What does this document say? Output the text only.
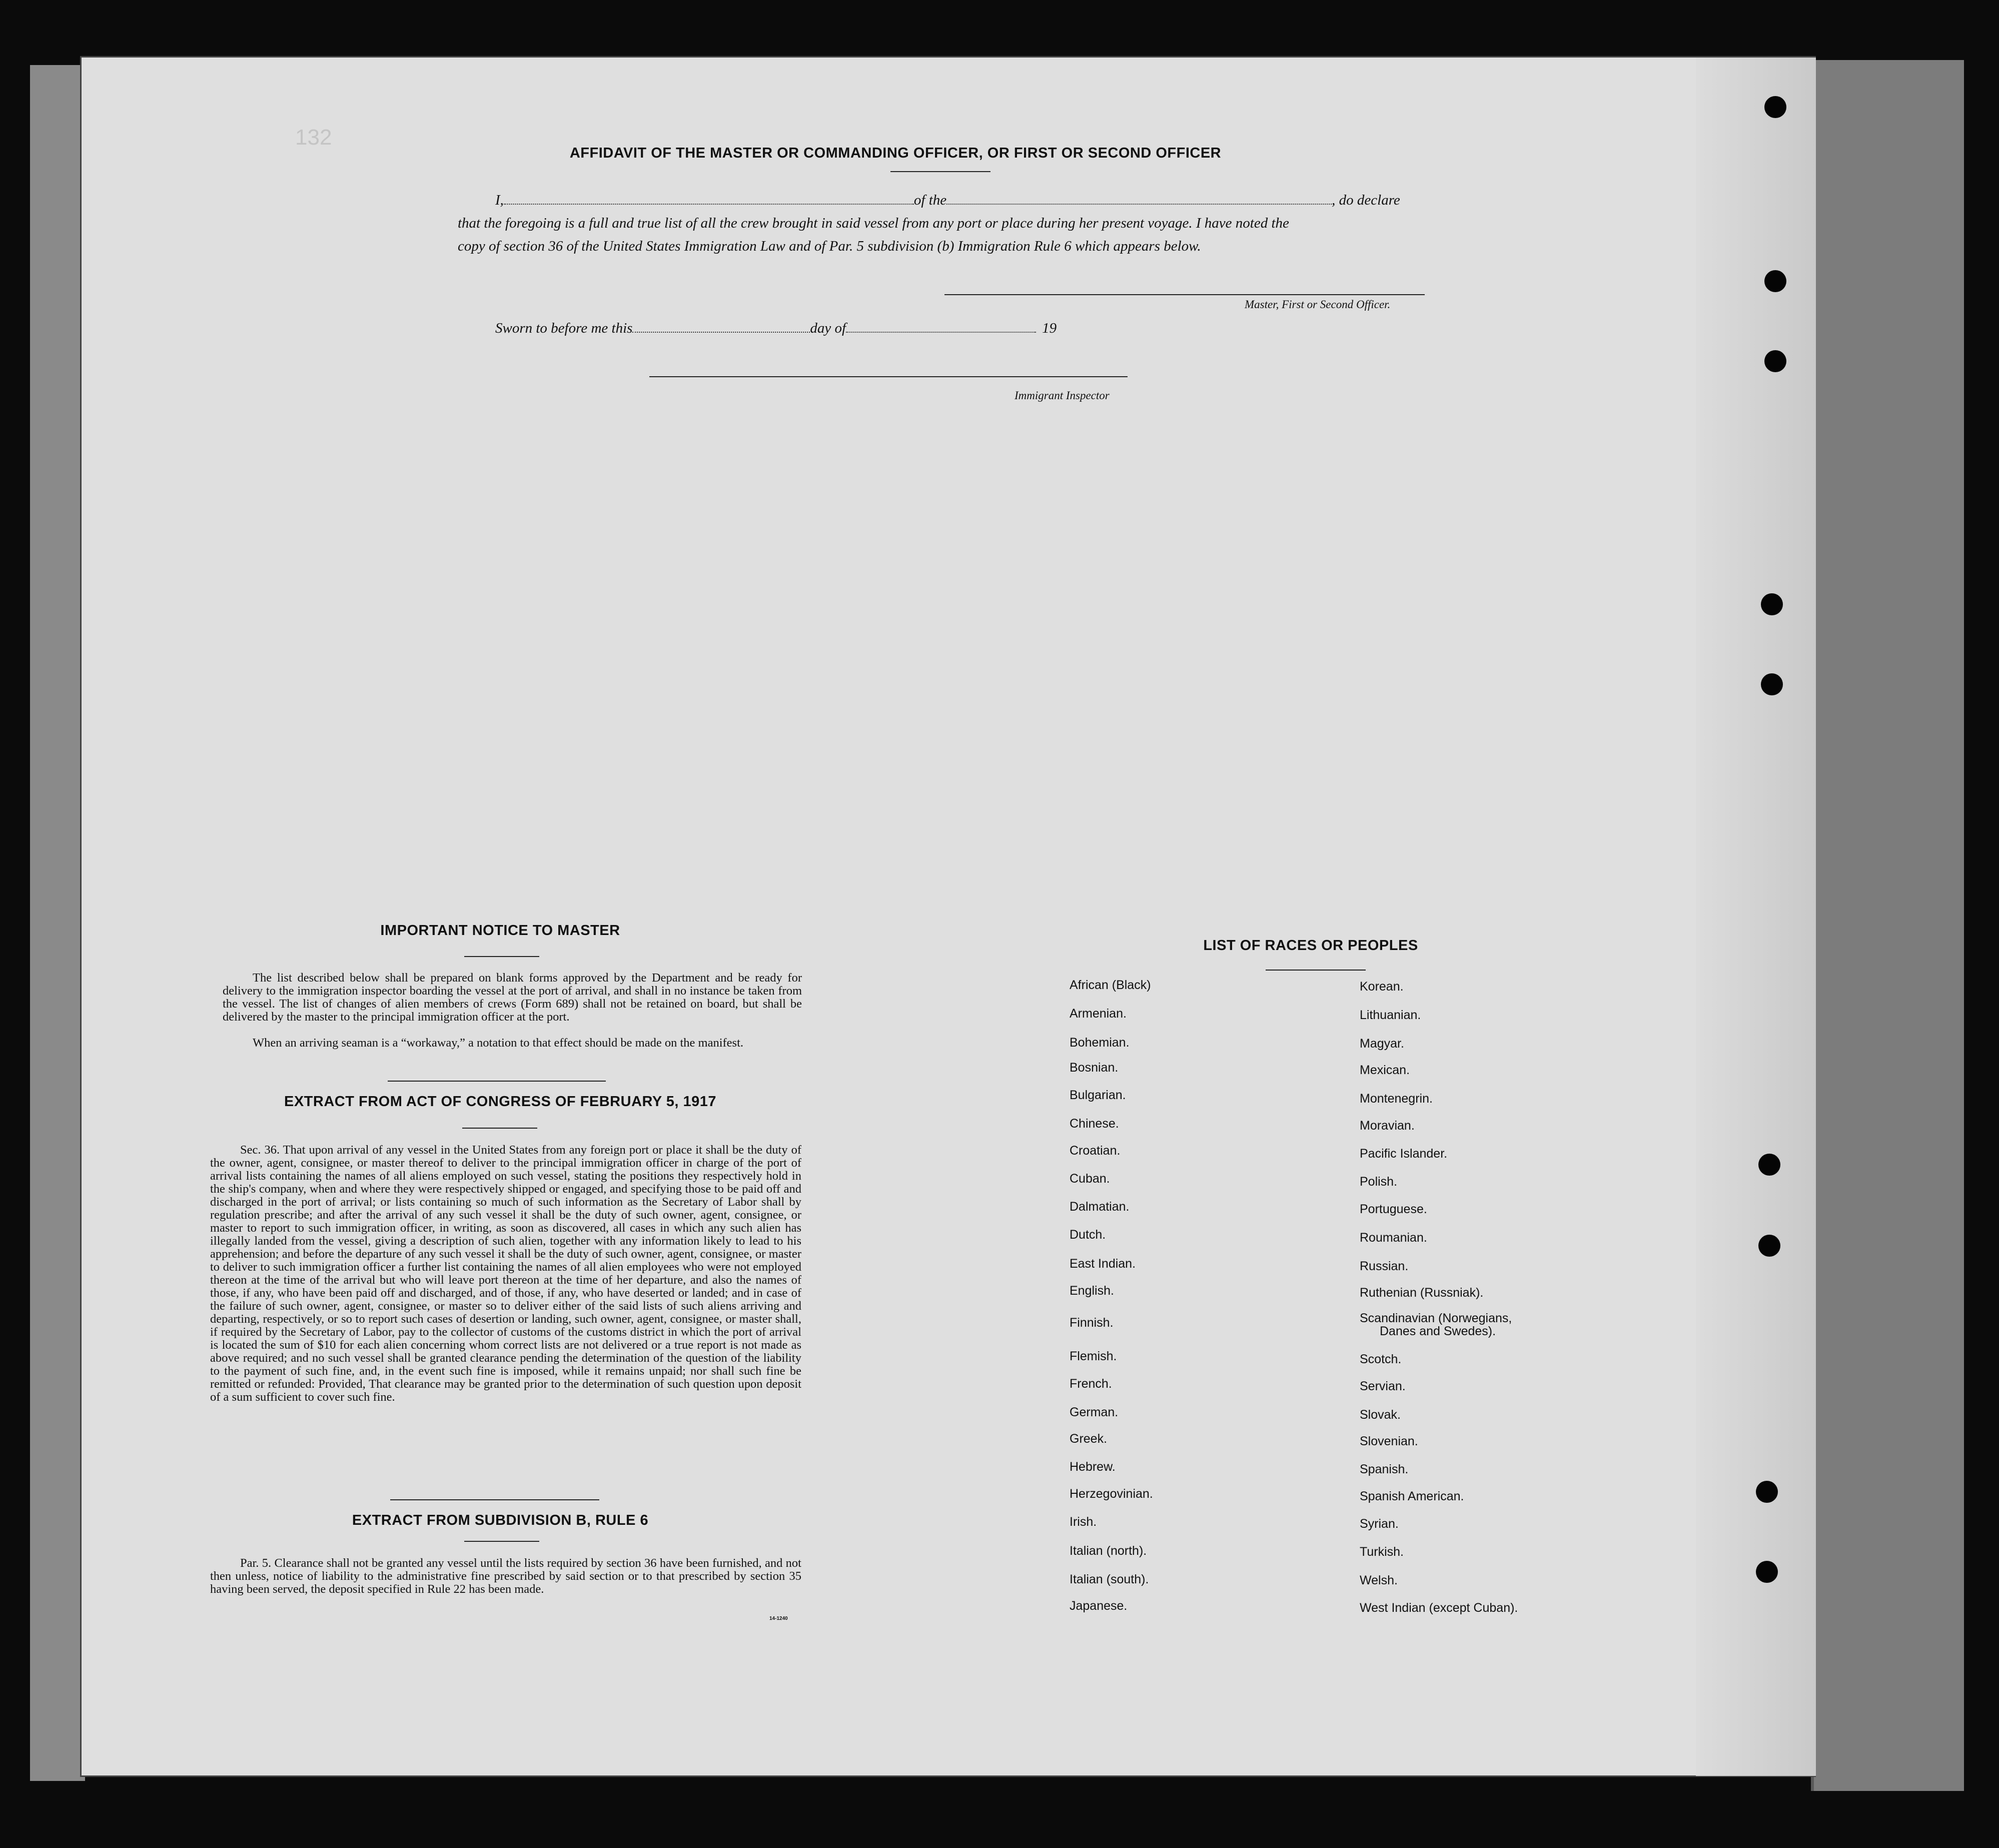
132
AFFIDAVIT OF THE MASTER OR COMMANDING OFFICER, OR FIRST OR SECOND OFFICER
I,	of the	, do declare
that the foregoing is a full and true list of all the crew brought in said vessel from any port or place during her present voyage. I have noted the
copy of section 36 of the United States Immigration Law and of Par. 5 subdivision (b) Immigration Rule 6 which appears below.
Master, First or Second Officer.
Sworn to before me this	day of	19
Immigrant Inspector
IMPORTANT NOTICE TO MASTER
The list described below shall be prepared on blank forms approved by the Department and be ready for delivery to the immigration inspector boarding the vessel at the port of arrival, and shall in no instance be taken from the vessel. The list of changes of alien members of crews (Form 689) shall not be retained on board, but shall be delivered by the master to the principal immigration officer at the port.
When an arriving seaman is a “workaway,” a notation to that effect should be made on the manifest.
EXTRACT FROM ACT OF CONGRESS OF FEBRUARY 5, 1917
Sec. 36. That upon arrival of any vessel in the United States from any foreign port or place it shall be the duty of the owner, agent, consignee, or master thereof to deliver to the principal immigration officer in charge of the port of arrival lists containing the names of all aliens employed on such vessel, stating the positions they respectively hold in the ship's company, when and where they were respectively shipped or engaged, and specifying those to be paid off and discharged in the port of arrival; or lists containing so much of such information as the Secretary of Labor shall by regulation prescribe; and after the arrival of any such vessel it shall be the duty of such owner, agent, consignee, or master to report to such immigration officer, in writing, as soon as discovered, all cases in which any such alien has illegally landed from the vessel, giving a description of such alien, together with any information likely to lead to his apprehension; and before the departure of any such vessel it shall be the duty of such owner, agent, consignee, or master to deliver to such immigration officer a further list containing the names of all alien employees who were not employed thereon at the time of the arrival but who will leave port thereon at the time of her departure, and also the names of those, if any, who have been paid off and discharged, and of those, if any, who have deserted or landed; and in case of the failure of such owner, agent, consignee, or master so to deliver either of the said lists of such aliens arriving and departing, respectively, or so to report such cases of desertion or landing, such owner, agent, consignee, or master shall, if required by the Secretary of Labor, pay to the collector of customs of the customs district in which the port of arrival is located the sum of $10 for each alien concerning whom correct lists are not delivered or a true report is not made as above required; and no such vessel shall be granted clearance pending the determination of the question of the liability to the payment of such fine, and, in the event such fine is imposed, while it remains unpaid; nor shall such fine be remitted or refunded: Provided, That clearance may be granted prior to the determination of such question upon deposit of a sum sufficient to cover such fine.
EXTRACT FROM SUBDIVISION B, RULE 6
Par. 5. Clearance shall not be granted any vessel until the lists required by section 36 have been furnished, and not then unless, notice of liability to the administrative fine prescribed by said section or to that prescribed by section 35 having been served, the deposit specified in Rule 22 has been made.
14-1240
LIST OF RACES OR PEOPLES
African (Black)
Armenian.
Bohemian.
Bosnian.
Bulgarian.
Chinese.
Croatian.
Cuban.
Dalmatian.
Dutch.
East Indian.
English.
Finnish.
Flemish.
French.
German.
Greek.
Hebrew.
Herzegovinian.
Irish.
Italian (north).
Italian (south).
Japanese.
Korean.
Lithuanian.
Magyar.
Mexican.
Montenegrin.
Moravian.
Pacific Islander.
Polish.
Portuguese.
Roumanian.
Russian.
Ruthenian (Russniak).
Scandinavian (Norwegians,
Scotch.
Servian.
Slovak.
Slovenian.
Spanish.
Spanish American.
Syrian.
Turkish.
Welsh.
West Indian (except Cuban).
Danes and Swedes).
